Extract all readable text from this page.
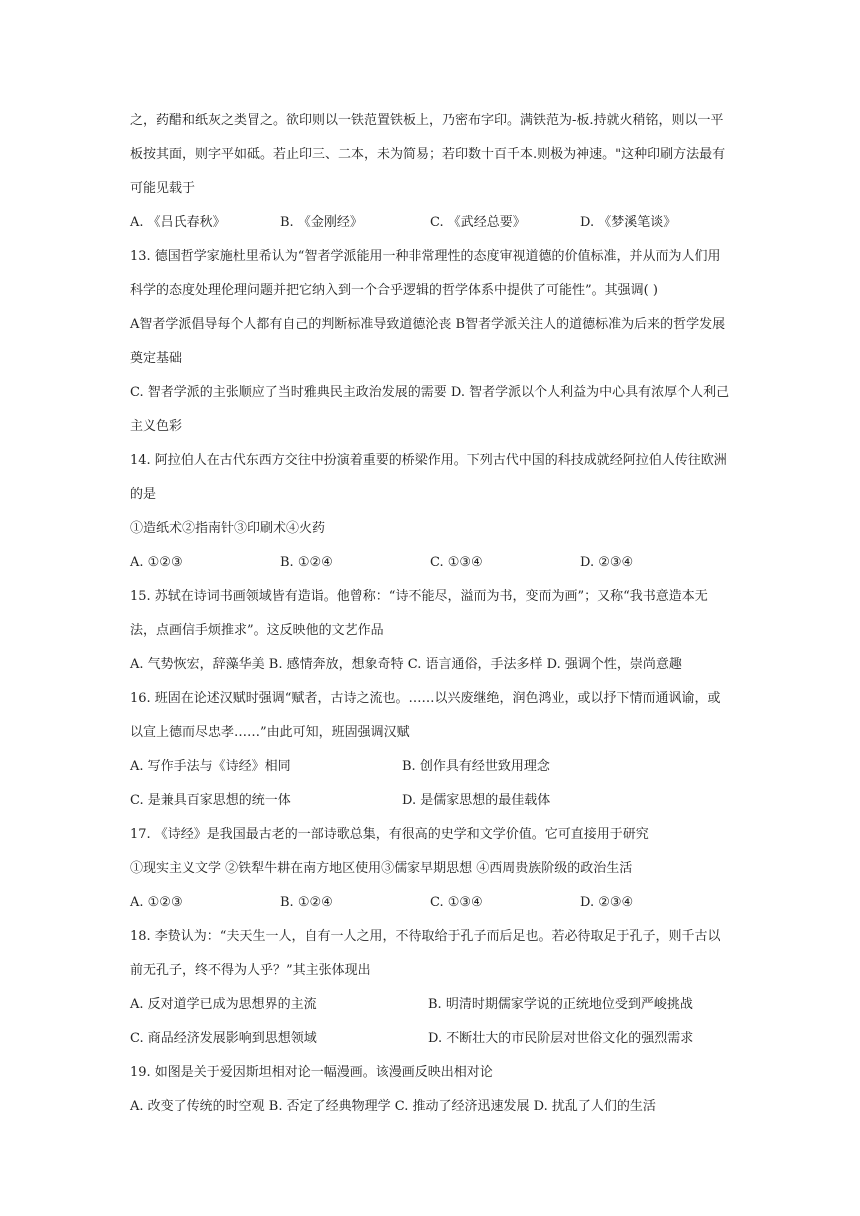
之，药醋和纸灰之类冒之。欲印则以一铁范置铁板上，乃密布字印。满铁范为-板.持就火稍铭，则以一平
板按其面，则字平如砥。若止印三、二本，未为简易；若印数十百千本.则极为神速。"这种印刷方法最有
可能见载于
A. 《吕氏春秋》	B. 《金刚经》	C. 《武经总要》	D. 《梦溪笔谈》
13. 德国哲学家施杜里希认为“智者学派能用一种非常理性的态度审视道德的价值标准，并从而为人们用
科学的态度处理伦理问题并把它纳入到一个合乎逻辑的哲学体系中提供了可能性”。其强调( )
A智者学派倡导每个人都有自己的判断标准导致道德沦丧 B智者学派关注人的道德标准为后来的哲学发展
奠定基础
C. 智者学派的主张顺应了当时雅典民主政治发展的需要 D. 智者学派以个人利益为中心具有浓厚个人利己
主义色彩
14. 阿拉伯人在古代东西方交往中扮演着重要的桥梁作用。下列古代中国的科技成就经阿拉伯人传往欧洲
的是
①造纸术②指南针③印刷术④火药
A. ①②③	B. ①②④	C. ①③④	D. ②③④
15. 苏轼在诗词书画领域皆有造诣。他曾称：“诗不能尽，溢而为书，变而为画”；又称“我书意造本无
法，点画信手烦推求”。这反映他的文艺作品
A. 气势恢宏，辞藻华美 B. 感情奔放，想象奇特 C. 语言通俗，手法多样 D. 强调个性，崇尚意趣
16. 班固在论述汉赋时强调“赋者，古诗之流也。……以兴废继绝，润色鸿业，或以抒下情而通讽谕，或
以宣上德而尽忠孝……”由此可知，班固强调汉赋
A. 写作手法与《诗经》相同	B. 创作具有经世致用理念
C. 是兼具百家思想的统一体	D. 是儒家思想的最佳载体
17. 《诗经》是我国最古老的一部诗歌总集，有很高的史学和文学价值。它可直接用于研究
①现实主义文学 ②铁犁牛耕在南方地区使用③儒家早期思想 ④西周贵族阶级的政治生活
A. ①②③	B. ①②④	C. ①③④	D. ②③④
18. 李贽认为：“夫天生一人，自有一人之用，不待取给于孔子而后足也。若必待取足于孔子，则千古以
前无孔子，终不得为人乎？”其主张体现出
A. 反对道学已成为思想界的主流	B. 明清时期儒家学说的正统地位受到严峻挑战
C. 商品经济发展影响到思想领域	D. 不断壮大的市民阶层对世俗文化的强烈需求
19. 如图是关于爱因斯坦相对论一幅漫画。该漫画反映出相对论
A. 改变了传统的时空观 B. 否定了经典物理学 C. 推动了经济迅速发展 D. 扰乱了人们的生活
